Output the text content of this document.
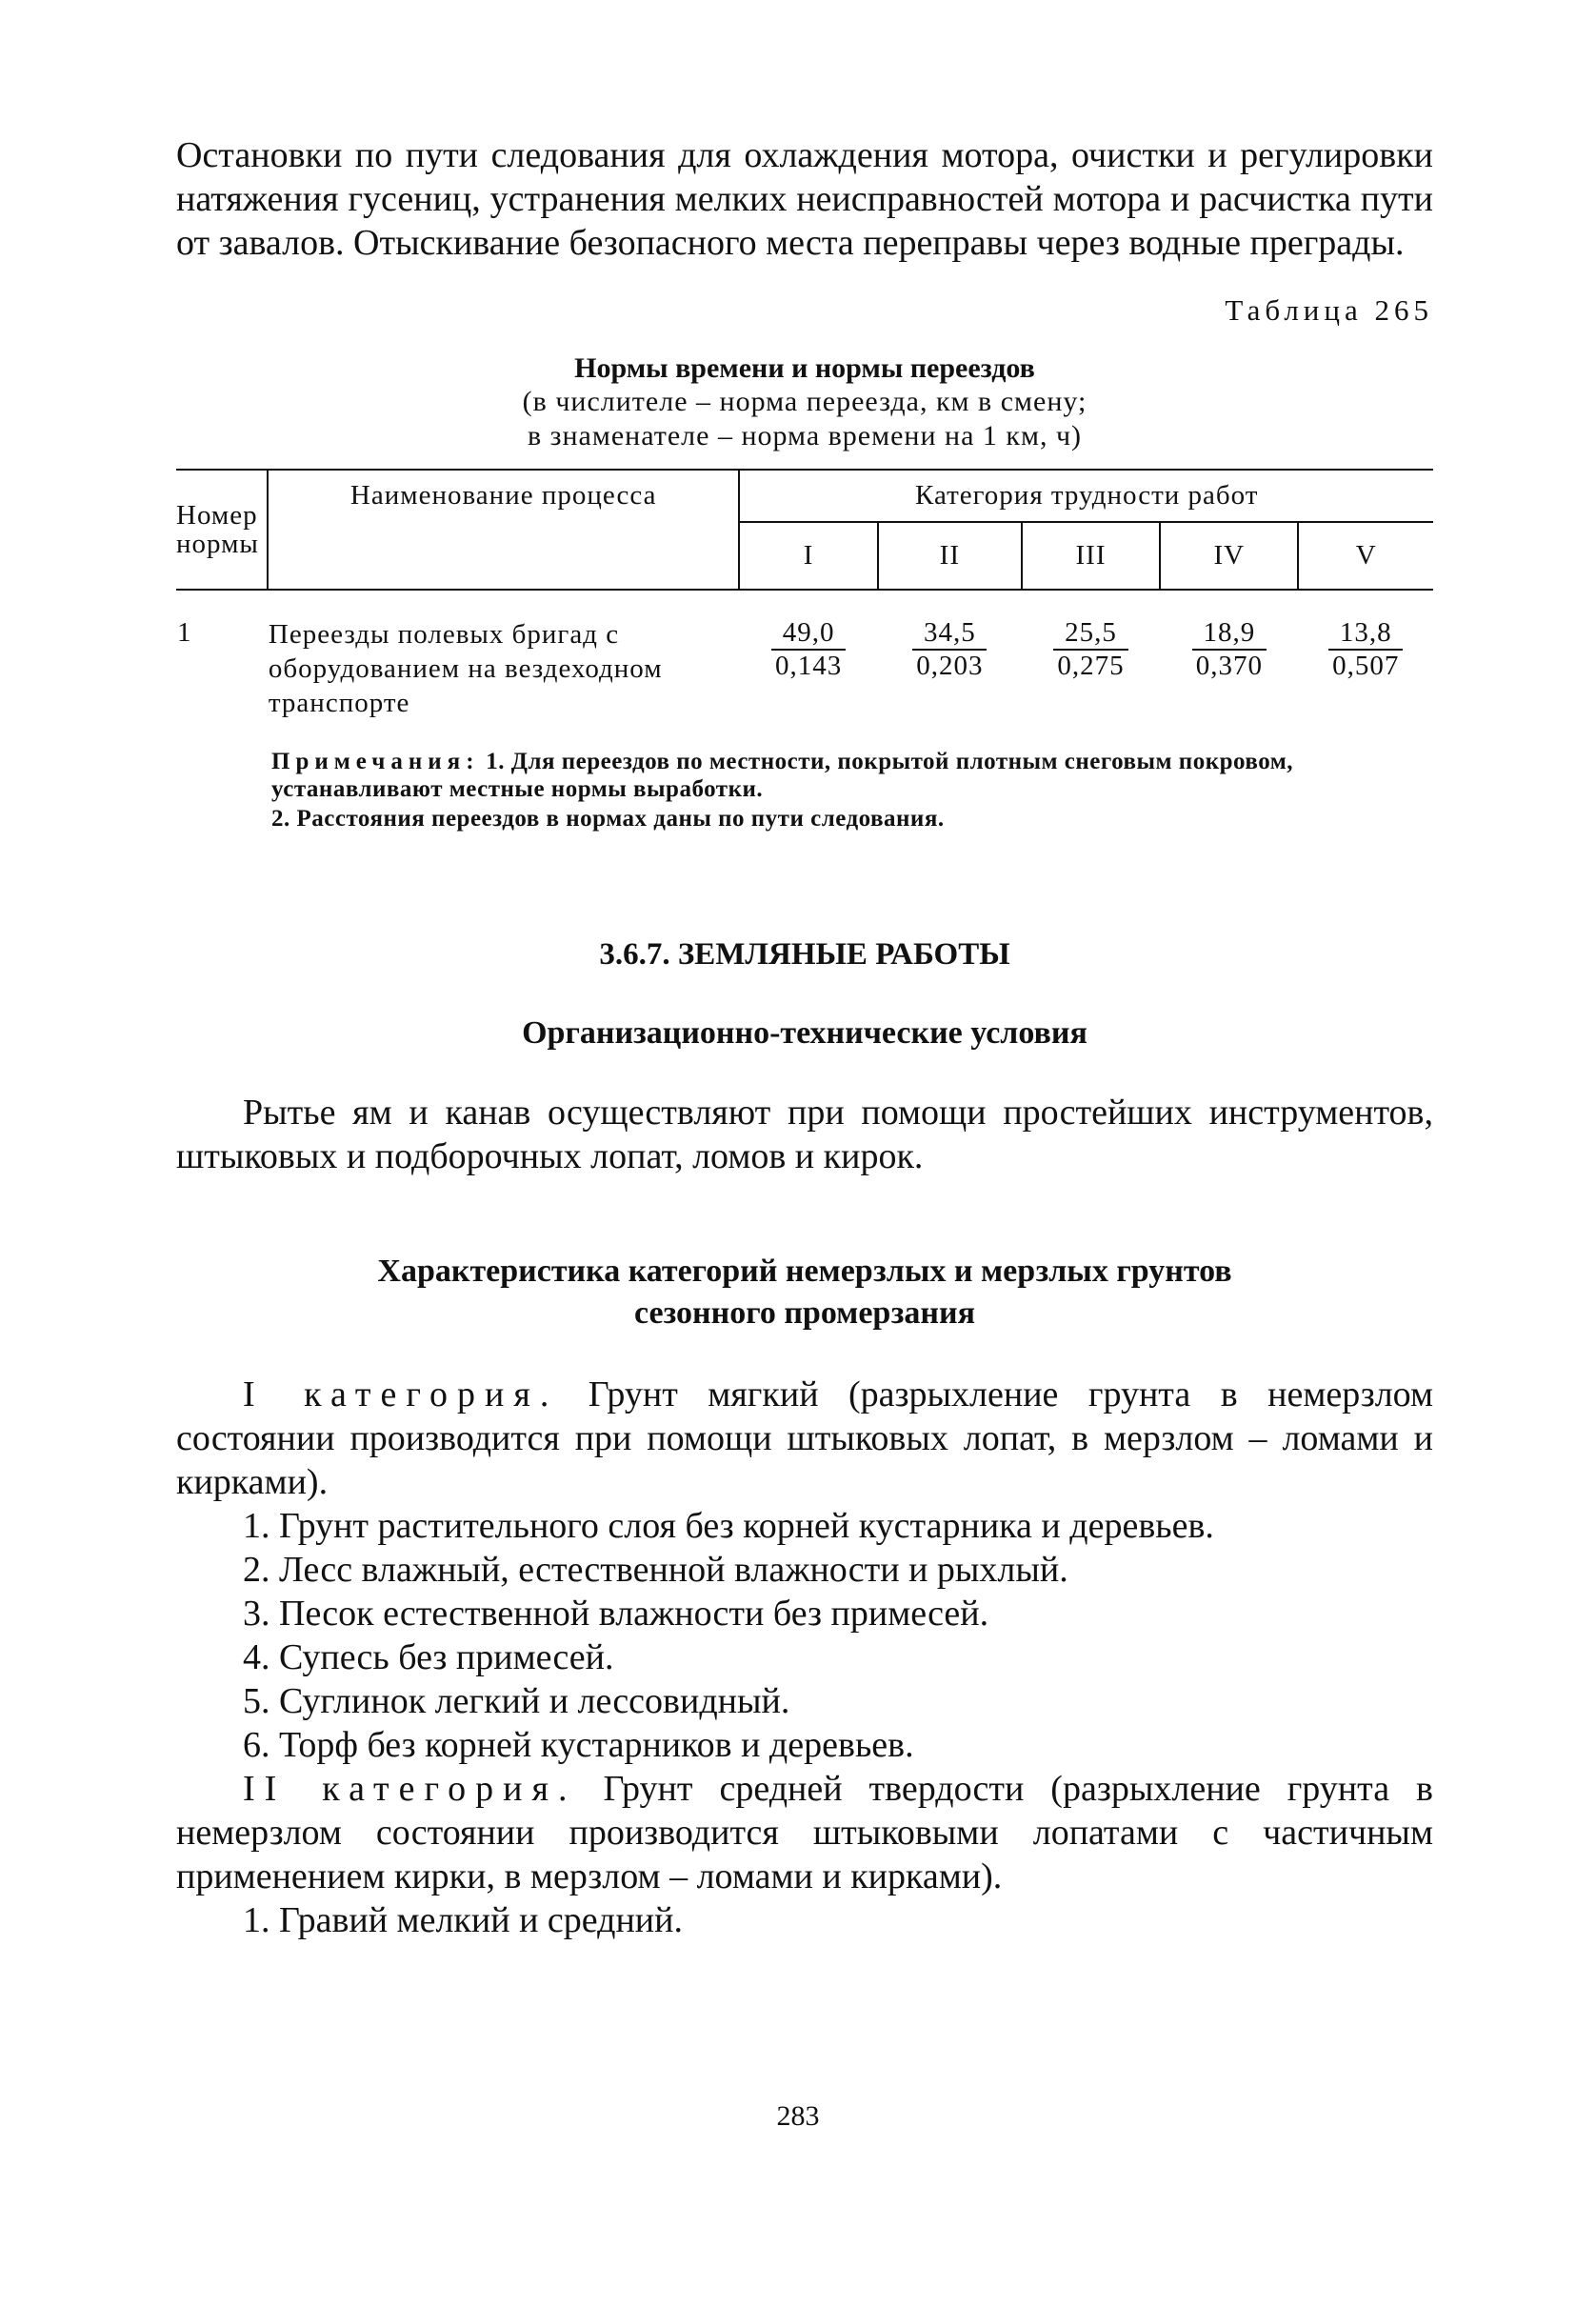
Остановки по пути следования для охлаждения мотора, очистки и регулировки натяжения гусениц, устранения мелких неисправностей мотора и расчистка пути от завалов. Отыскивание безопасного места переправы через водные преграды.

Таблица 265
Нормы времени и нормы переездов
(в числителе – норма переезда, км в смену;
в знаменателе – норма времени на 1 км, ч)
Номер нормы	Наименование процесса	Категория трудности работ				
		I	II	III	IV	V
1	Переезды полевых бригад с оборудованием на вездеходном транспорте	$\frac{49,0}{0,143}$	$\frac{34,5}{0,203}$	$\frac{25,5}{0,275}$	$\frac{18,9}{0,370}$	$\frac{13,8}{0,507}$
Примечания: 1. Для переездов по местности, покрытой плотным снеговым покровом, устанавливают местные нормы выработки.
2. Расстояния переездов в нормах даны по пути следования.
3.6.7. ЗЕМЛЯНЫЕ РАБОТЫ
Организационно-технические условия

Рытье ям и канав осуществляют при помощи простейших инструментов, штыковых и подборочных лопат, ломов и кирок.

Характеристика категорий немерзлых и мерзлых грунтов
сезонного промерзания

I категория. Грунт мягкий (разрыхление грунта в немерзлом состоянии производится при помощи штыковых лопат, в мерзлом – ломами и кирками).

1. Грунт растительного слоя без корней кустарника и деревьев.

2. Лесс влажный, естественной влажности и рыхлый.

3. Песок естественной влажности без примесей.

4. Супесь без примесей.

5. Суглинок легкий и лессовидный.

6. Торф без корней кустарников и деревьев.

II категория. Грунт средней твердости (разрыхление грунта в немерзлом состоянии производится штыковыми лопатами с частичным применением кирки, в мерзлом – ломами и кирками).

1. Гравий мелкий и средний.

283
